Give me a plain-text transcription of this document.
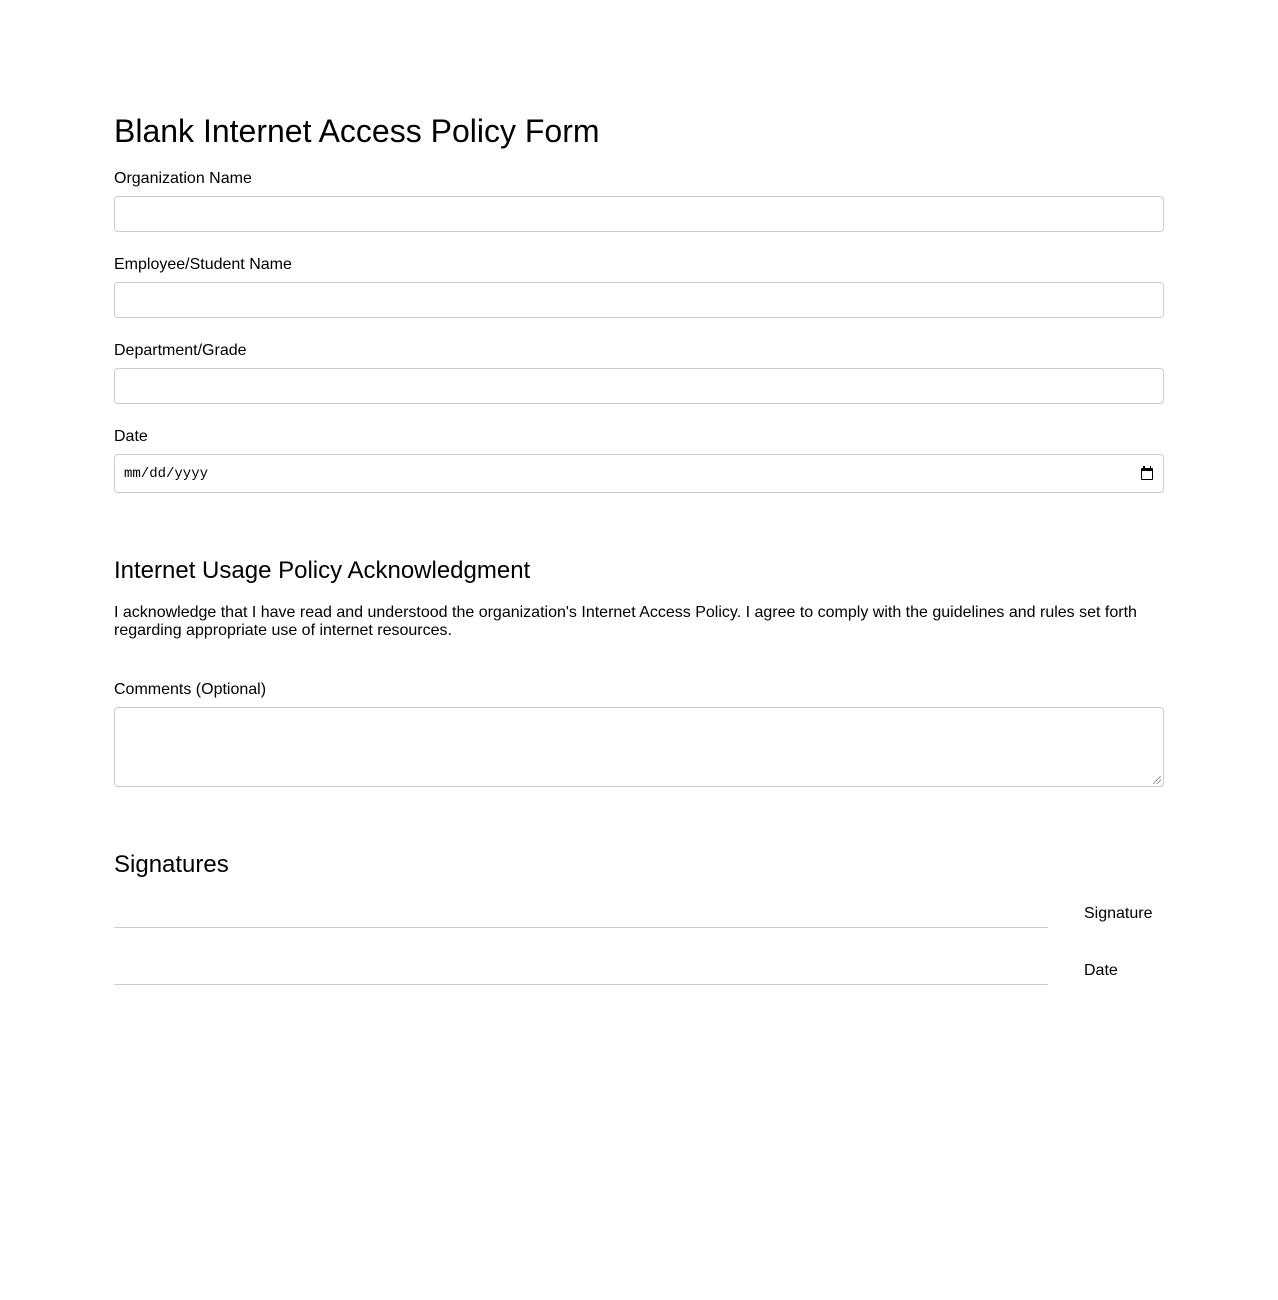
Blank Internet Access Policy Form
Organization Name
Employee/Student Name
Department/Grade
Date
mm/dd/yyyy
Internet Usage Policy Acknowledgment

I acknowledge that I have read and understood the organization's Internet Access Policy. I agree to comply with the guidelines and rules set forth regarding appropriate use of internet resources.

Comments (Optional)
Signatures
Signature
Date
